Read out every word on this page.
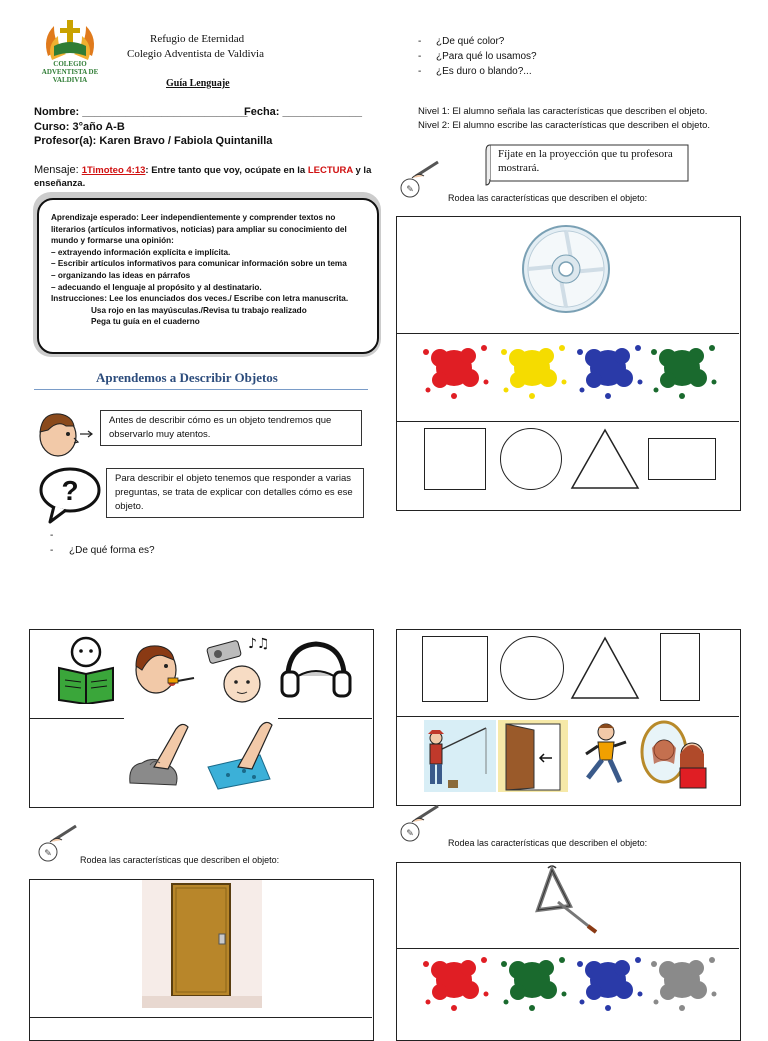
COLEGIO ADVENTISTA DE VALDIVIA
Refugio de Eternidad
Colegio Adventista de Valdivia
Guía Lenguaje
Nombre: ___________________________
Fecha: _____________
Curso: 3°año A-B
Profesor(a): Karen Bravo / Fabiola Quintanilla
Mensaje: 1Timoteo 4:13: Entre tanto que voy, ocúpate en la LECTURA y la enseñanza.
Aprendizaje esperado: Leer independientemente y comprender textos no
literarios (artículos informativos, noticias) para ampliar su conocimiento del
mundo y formarse una opinión:
– extrayendo información explícita e implícita.
– Escribir artículos informativos para comunicar información sobre un tema
– organizando las ideas en párrafos
– adecuando el lenguaje al propósito y al destinatario.
Instrucciones: Lee los enunciados dos veces./ Escribe con letra manuscrita.
Usa rojo en las mayúsculas./Revisa tu trabajo realizado
Pega tu guía en el cuaderno
Aprendemos a Describir Objetos
Antes de describir cómo es un objeto tendremos que observarlo muy atentos.
?	Para describir el objeto tenemos que responder a varias preguntas, se trata de explicar con detalles cómo es ese objeto.
-
- ¿De qué forma es?
♪♫
✎
Rodea las características que describen el objeto:
- ¿De qué color?
- ¿Para qué lo usamos?
- ¿Es duro o blando?...
Nivel 1: El alumno señala las características que describen el objeto.
Nivel 2: El alumno escribe las características que describen el objeto.
✎
Fíjate en la proyección que tu profesora mostrará.
Rodea las características que describen el objeto:
✎
Rodea las características que describen el objeto:
